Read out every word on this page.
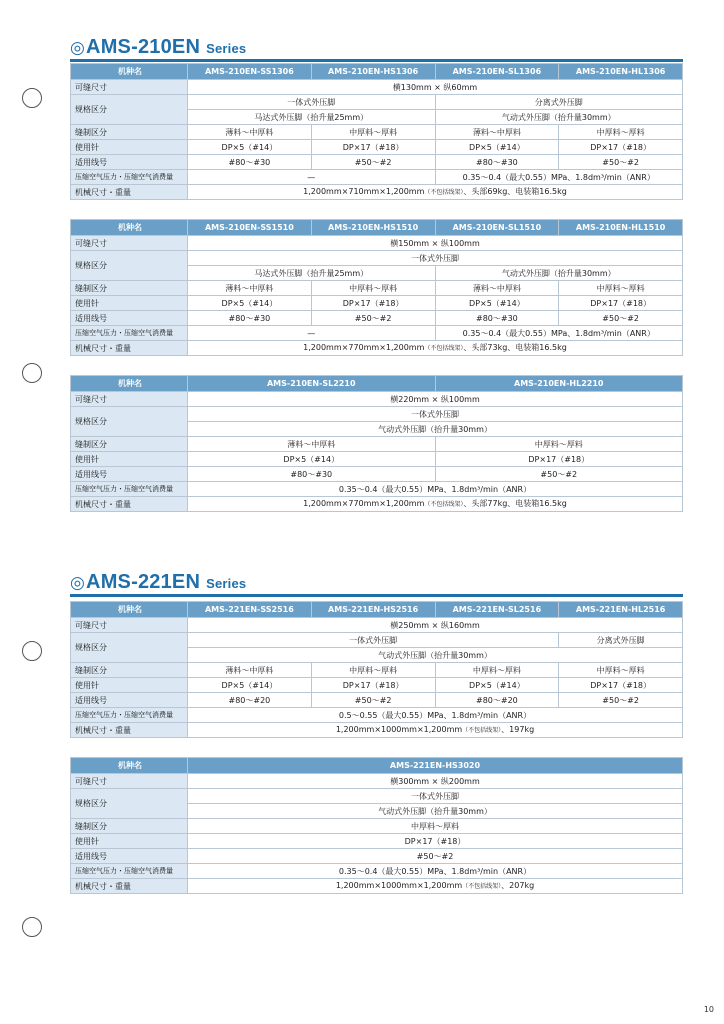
◎AMS-210EN Series
机种名	AMS-210EN-SS1306	AMS-210EN-HS1306	AMS-210EN-SL1306	AMS-210EN-HL1306
可缝尺寸	横130mm × 纵60mm			
规格区分	一体式外压脚		分离式外压脚	
	马达式外压脚（抬升量25mm）		气动式外压脚（抬升量30mm）	
缝制区分	薄料～中厚料	中厚料～厚料	薄料～中厚料	中厚料～厚料
使用针	DP×5（#14）	DP×17（#18）	DP×5（#14）	DP×17（#18）
适用线号	#80～#30	#50～#2	#80～#30	#50～#2
压缩空气压力・压缩空气消费量	—		0.35～0.4（最大0.55）MPa、1.8dm³/min（ANR）	
机械尺寸・重量	1,200mm×710mm×1,200mm（不包括线架）、头部69kg、电装箱16.5kg			
机种名	AMS-210EN-SS1510	AMS-210EN-HS1510	AMS-210EN-SL1510	AMS-210EN-HL1510
可缝尺寸	横150mm × 纵100mm			
规格区分	一体式外压脚			
	马达式外压脚（抬升量25mm）		气动式外压脚（抬升量30mm）	
缝制区分	薄料～中厚料	中厚料～厚料	薄料～中厚料	中厚料～厚料
使用针	DP×5（#14）	DP×17（#18）	DP×5（#14）	DP×17（#18）
适用线号	#80～#30	#50～#2	#80～#30	#50～#2
压缩空气压力・压缩空气消费量	—		0.35～0.4（最大0.55）MPa、1.8dm³/min（ANR）	
机械尺寸・重量	1,200mm×770mm×1,200mm（不包括线架）、头部73kg、电装箱16.5kg			
机种名	AMS-210EN-SL2210	AMS-210EN-HL2210
可缝尺寸	横220mm × 纵100mm	
规格区分	一体式外压脚	
	气动式外压脚（抬升量30mm）	
缝制区分	薄料～中厚料	中厚料～厚料
使用针	DP×5（#14）	DP×17（#18）
适用线号	#80～#30	#50～#2
压缩空气压力・压缩空气消费量	0.35～0.4（最大0.55）MPa、1.8dm³/min（ANR）	
机械尺寸・重量	1,200mm×770mm×1,200mm（不包括线架）、头部77kg、电装箱16.5kg	
◎AMS-221EN Series
机种名	AMS-221EN-SS2516	AMS-221EN-HS2516	AMS-221EN-SL2516	AMS-221EN-HL2516
可缝尺寸	横250mm × 纵160mm			
规格区分	一体式外压脚			分离式外压脚
	气动式外压脚（抬升量30mm）			
缝制区分	薄料～中厚料	中厚料～厚料	中厚料～厚料	中厚料～厚料
使用针	DP×5（#14）	DP×17（#18）	DP×5（#14）	DP×17（#18）
适用线号	#80～#20	#50～#2	#80～#20	#50～#2
压缩空气压力・压缩空气消费量	0.5～0.55（最大0.55）MPa、1.8dm³/min（ANR）			
机械尺寸・重量	1,200mm×1000mm×1,200mm（不包括线架）、197kg			
机种名	AMS-221EN-HS3020
可缝尺寸	横300mm × 纵200mm
规格区分	一体式外压脚
	气动式外压脚（抬升量30mm）
缝制区分	中厚料～厚料
使用针	DP×17（#18）
适用线号	#50～#2
压缩空气压力・压缩空气消费量	0.35～0.4（最大0.55）MPa、1.8dm³/min（ANR）
机械尺寸・重量	1,200mm×1000mm×1,200mm（不包括线架）、207kg
10
